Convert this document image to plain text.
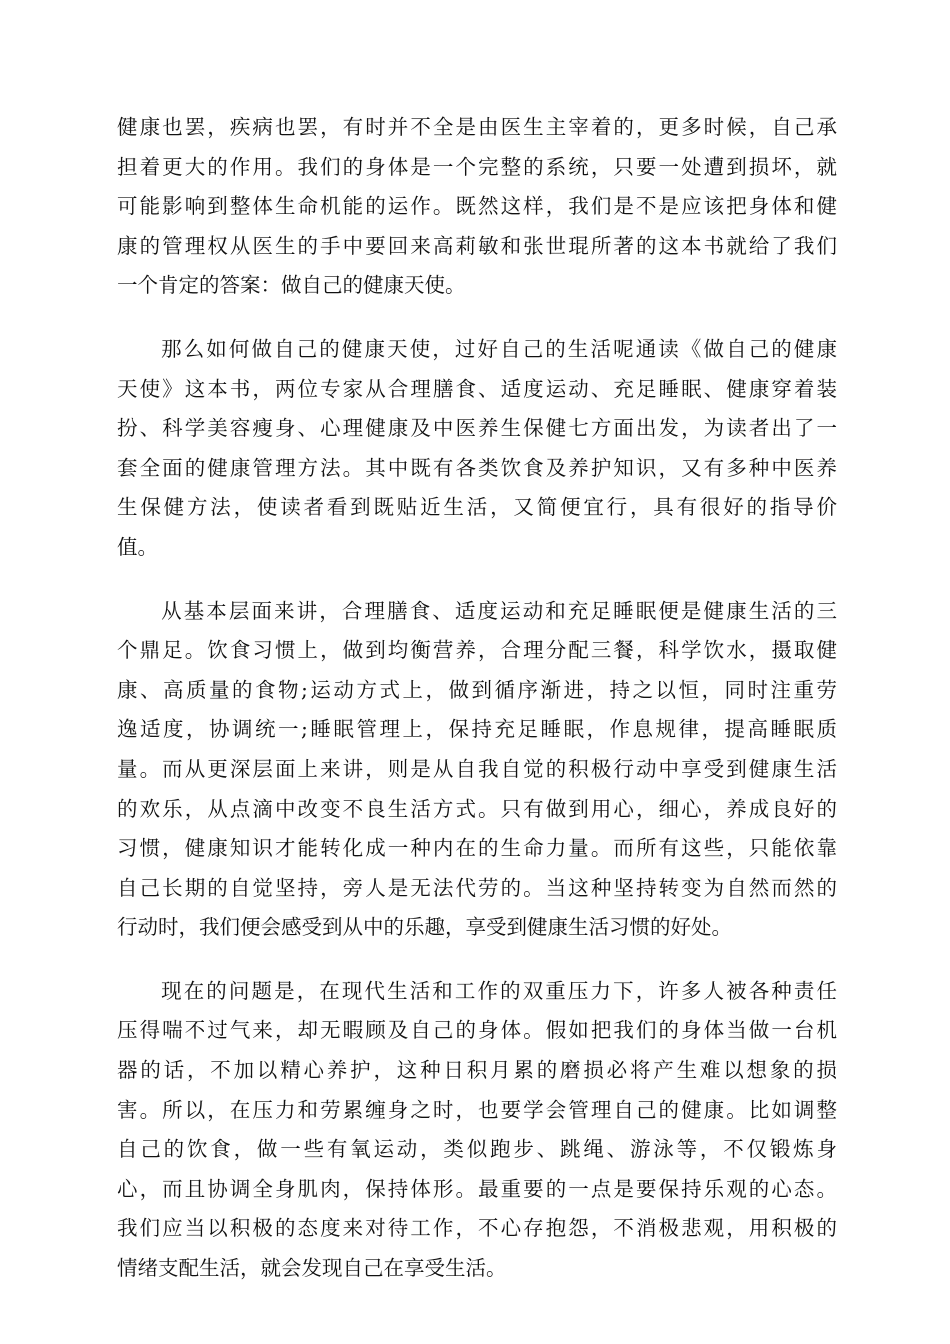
健康也罢，疾病也罢，有时并不全是由医生主宰着的，更多时候，自己承
担着更大的作用。我们的身体是一个完整的系统，只要一处遭到损坏，就
可能影响到整体生命机能的运作。既然这样，我们是不是应该把身体和健
康的管理权从医生的手中要回来高莉敏和张世琨所著的这本书就给了我们
一个肯定的答案：做自己的健康天使。

那么如何做自己的健康天使，过好自己的生活呢通读《做自己的健康
天使》这本书，两位专家从合理膳食、适度运动、充足睡眠、健康穿着装
扮、科学美容瘦身、心理健康及中医养生保健七方面出发，为读者出了一
套全面的健康管理方法。其中既有各类饮食及养护知识，又有多种中医养
生保健方法，使读者看到既贴近生活，又简便宜行，具有很好的指导价
值。

从基本层面来讲，合理膳食、适度运动和充足睡眠便是健康生活的三
个鼎足。饮食习惯上，做到均衡营养，合理分配三餐，科学饮水，摄取健
康、高质量的食物;运动方式上，做到循序渐进，持之以恒，同时注重劳
逸适度，协调统一;睡眠管理上，保持充足睡眠，作息规律，提高睡眠质
量。而从更深层面上来讲，则是从自我自觉的积极行动中享受到健康生活
的欢乐，从点滴中改变不良生活方式。只有做到用心，细心，养成良好的
习惯，健康知识才能转化成一种内在的生命力量。而所有这些，只能依靠
自己长期的自觉坚持，旁人是无法代劳的。当这种坚持转变为自然而然的
行动时，我们便会感受到从中的乐趣，享受到健康生活习惯的好处。

现在的问题是，在现代生活和工作的双重压力下，许多人被各种责任
压得喘不过气来，却无暇顾及自己的身体。假如把我们的身体当做一台机
器的话，不加以精心养护，这种日积月累的磨损必将产生难以想象的损
害。所以，在压力和劳累缠身之时，也要学会管理自己的健康。比如调整
自己的饮食，做一些有氧运动，类似跑步、跳绳、游泳等，不仅锻炼身
心，而且协调全身肌肉，保持体形。最重要的一点是要保持乐观的心态。
我们应当以积极的态度来对待工作，不心存抱怨，不消极悲观，用积极的
情绪支配生活，就会发现自己在享受生活。
